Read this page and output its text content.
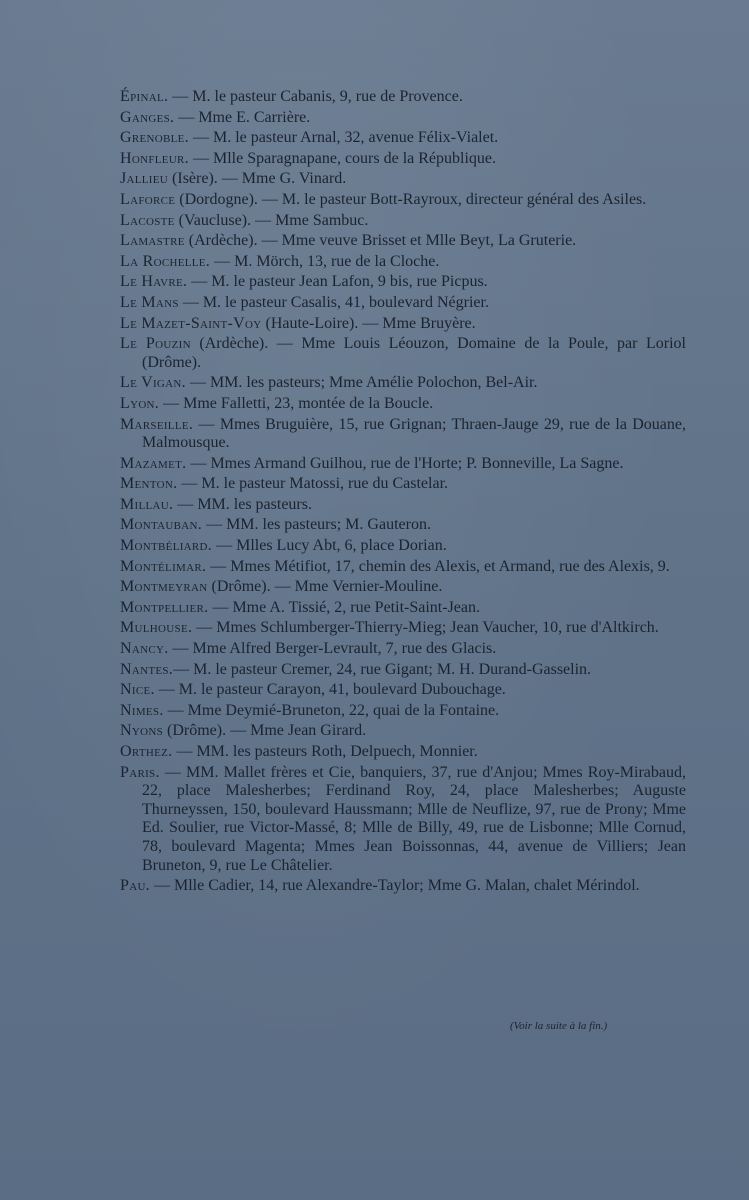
Épinal. — M. le pasteur Cabanis, 9, rue de Provence.

Ganges. — Mme E. Carrière.

Grenoble. — M. le pasteur Arnal, 32, avenue Félix-Vialet.

Honfleur. — Mlle Sparagnapane, cours de la République.

Jallieu (Isère). — Mme G. Vinard.

Laforce (Dordogne). — M. le pasteur Bott-Rayroux, directeur général des Asiles.

Lacoste (Vaucluse). — Mme Sambuc.

Lamastre (Ardèche). — Mme veuve Brisset et Mlle Beyt, La Gruterie.

La Rochelle. — M. Mörch, 13, rue de la Cloche.

Le Havre. — M. le pasteur Jean Lafon, 9 bis, rue Picpus.

Le Mans — M. le pasteur Casalis, 41, boulevard Négrier.

Le Mazet-Saint-Voy (Haute-Loire). — Mme Bruyère.

Le Pouzin (Ardèche). — Mme Louis Léouzon, Domaine de la Poule, par Loriol (Drôme).

Le Vigan. — MM. les pasteurs; Mme Amélie Polochon, Bel-Air.

Lyon. — Mme Falletti, 23, montée de la Boucle.

Marseille. — Mmes Bruguière, 15, rue Grignan; Thraen-Jauge 29, rue de la Douane, Malmousque.

Mazamet. — Mmes Armand Guilhou, rue de l'Horte; P. Bonneville, La Sagne.

Menton. — M. le pasteur Matossi, rue du Castelar.

Millau. — MM. les pasteurs.

Montauban. — MM. les pasteurs; M. Gauteron.

Montbéliard. — Mlles Lucy Abt, 6, place Dorian.

Montélimar. — Mmes Métifiot, 17, chemin des Alexis, et Armand, rue des Alexis, 9.

Montmeyran (Drôme). — Mme Vernier-Mouline.

Montpellier. — Mme A. Tissié, 2, rue Petit-Saint-Jean.

Mulhouse. — Mmes Schlumberger-Thierry-Mieg; Jean Vaucher, 10, rue d'Altkirch.

Nancy. — Mme Alfred Berger-Levrault, 7, rue des Glacis.

Nantes.— M. le pasteur Cremer, 24, rue Gigant; M. H. Durand-Gasselin.

Nice. — M. le pasteur Carayon, 41, boulevard Dubouchage.

Nimes. — Mme Deymié-Bruneton, 22, quai de la Fontaine.

Nyons (Drôme). — Mme Jean Girard.

Orthez. — MM. les pasteurs Roth, Delpuech, Monnier.

Paris. — MM. Mallet frères et Cie, banquiers, 37, rue d'Anjou; Mmes Roy-Mirabaud, 22, place Malesherbes; Ferdinand Roy, 24, place Malesherbes; Auguste Thurneyssen, 150, boulevard Haussmann; Mlle de Neuflize, 97, rue de Prony; Mme Ed. Soulier, rue Victor-Massé, 8; Mlle de Billy, 49, rue de Lisbonne; Mlle Cornud, 78, boulevard Magenta; Mmes Jean Boissonnas, 44, avenue de Villiers; Jean Bruneton, 9, rue Le Châtelier.

Pau. — Mlle Cadier, 14, rue Alexandre-Taylor; Mme G. Malan, chalet Mérindol.

(Voir la suite à la fin.)
